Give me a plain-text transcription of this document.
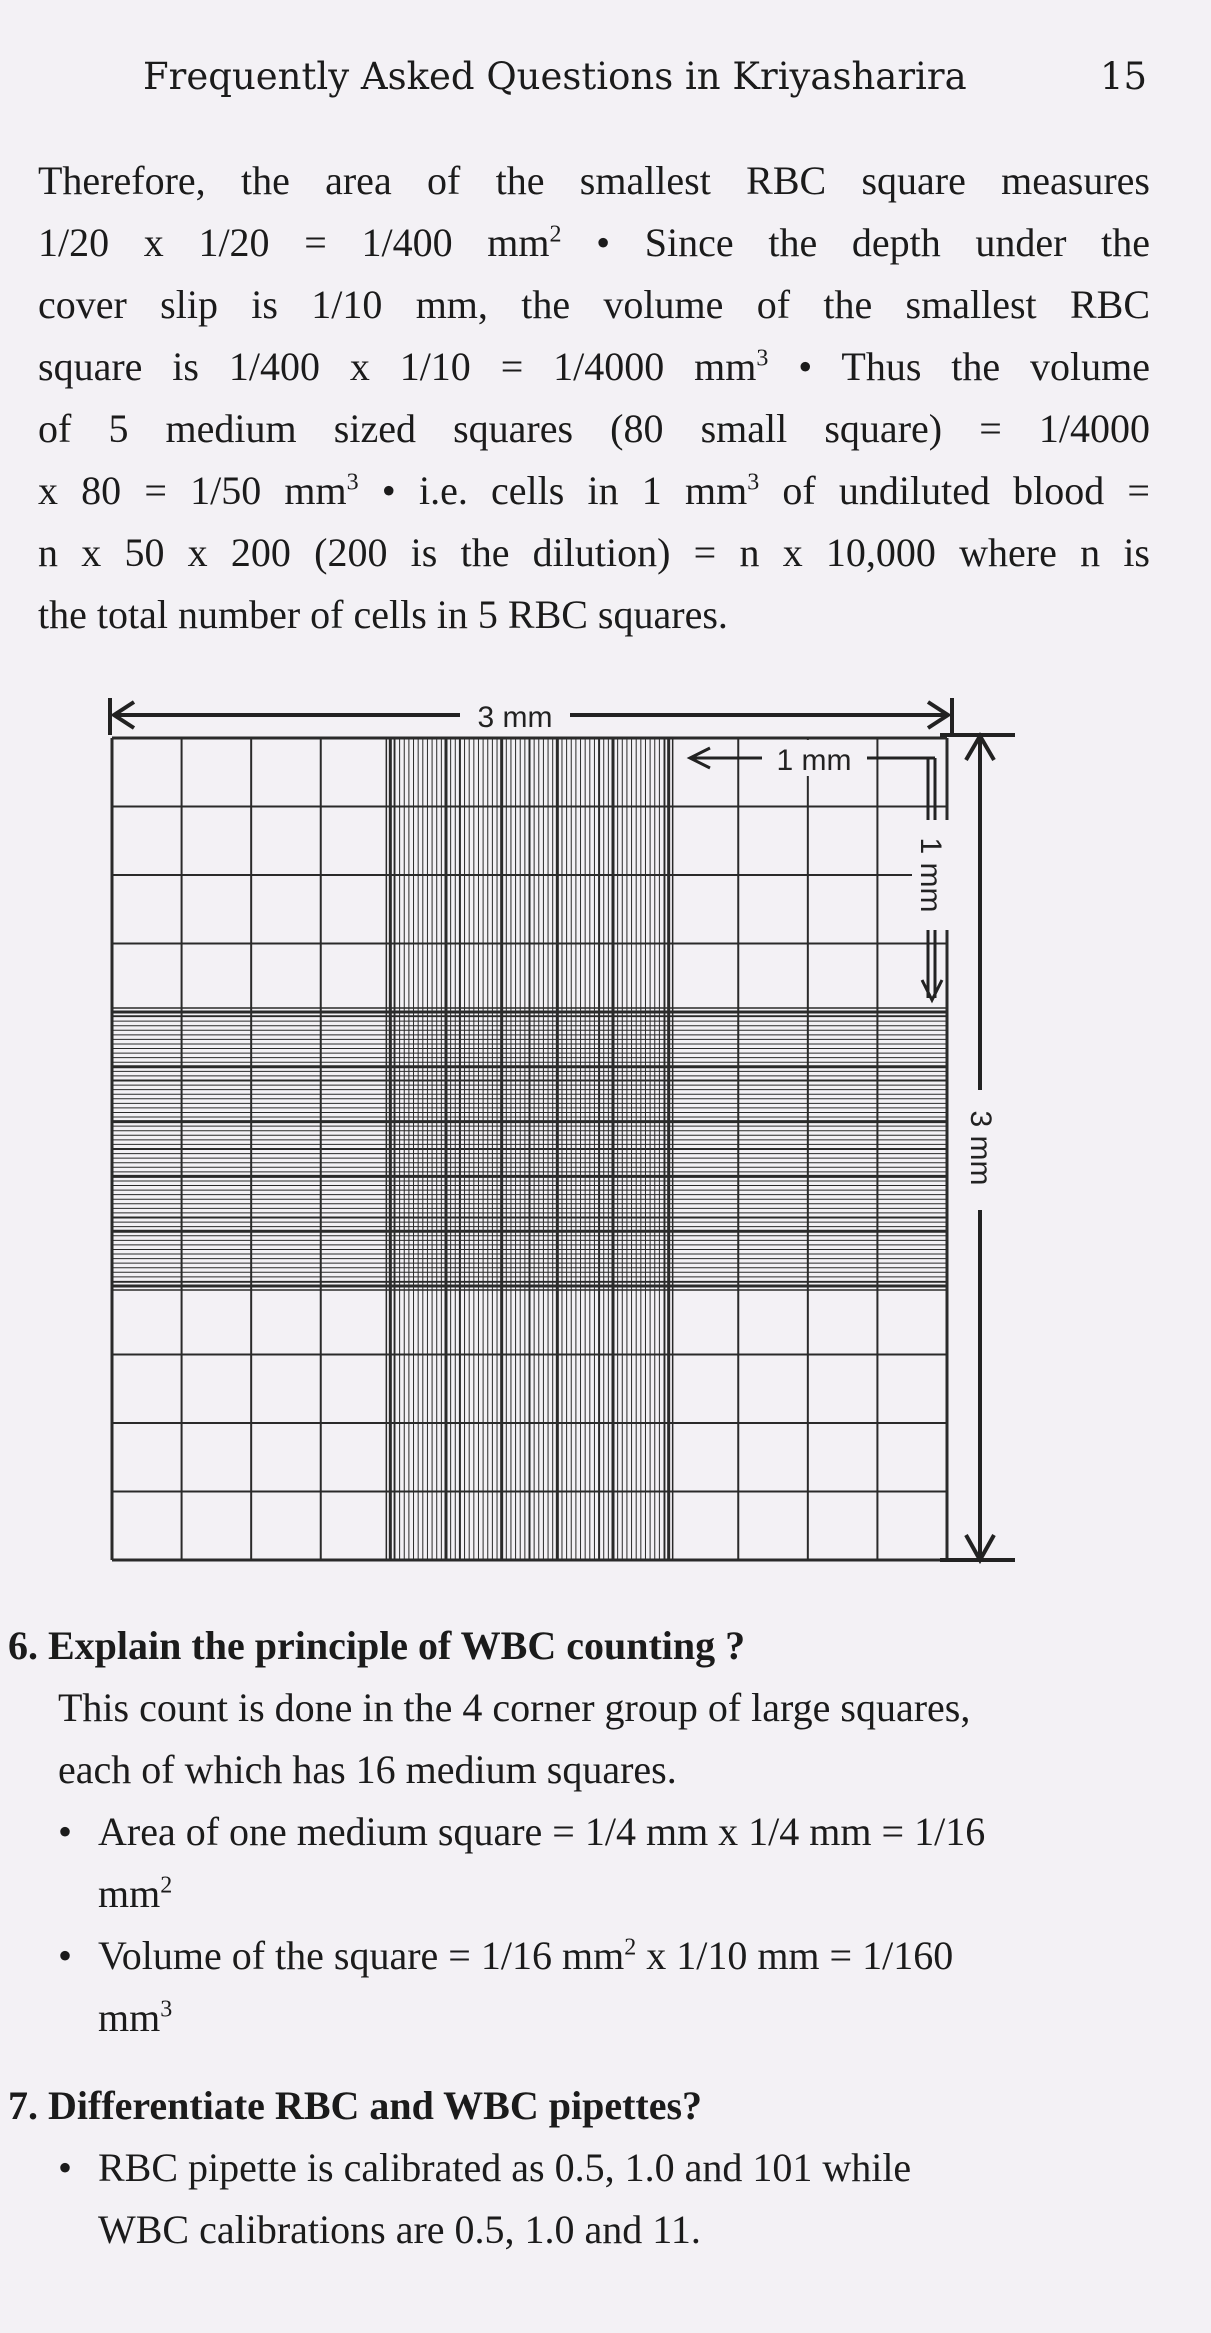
Frequently Asked Questions in Kriyasharira	15
Therefore, the area of the smallest RBC square measures
1/20 x 1/20 = 1/400 $mm^2$ • Since the depth under the
cover slip is 1/10 mm, the volume of the smallest RBC
square is 1/400 x 1/10 = 1/4000 $mm^3$ • Thus the volume
of 5 medium sized squares (80 small square) = 1/4000
x 80 = 1/50 $mm^3$ • i.e. cells in 1 $mm^3$ of undiluted blood =
n x 50 x 200 (200 is the dilution) = n x 10,000 where n is
the total number of cells in 5 RBC squares.
3 mm
1 mm
1 mm
3 mm
6. Explain the principle of WBC counting ?
This count is done in the 4 corner group of large squares,
each of which has 16 medium squares.
• Area of one medium square = 1/4 mm x 1/4 mm = 1/16
$mm^2$
• Volume of the square = 1/16 $mm^2$ x 1/10 mm = 1/160
$mm^3$
7. Differentiate RBC and WBC pipettes?
• RBC pipette is calibrated as 0.5, 1.0 and 101 while
WBC calibrations are 0.5, 1.0 and 11.
